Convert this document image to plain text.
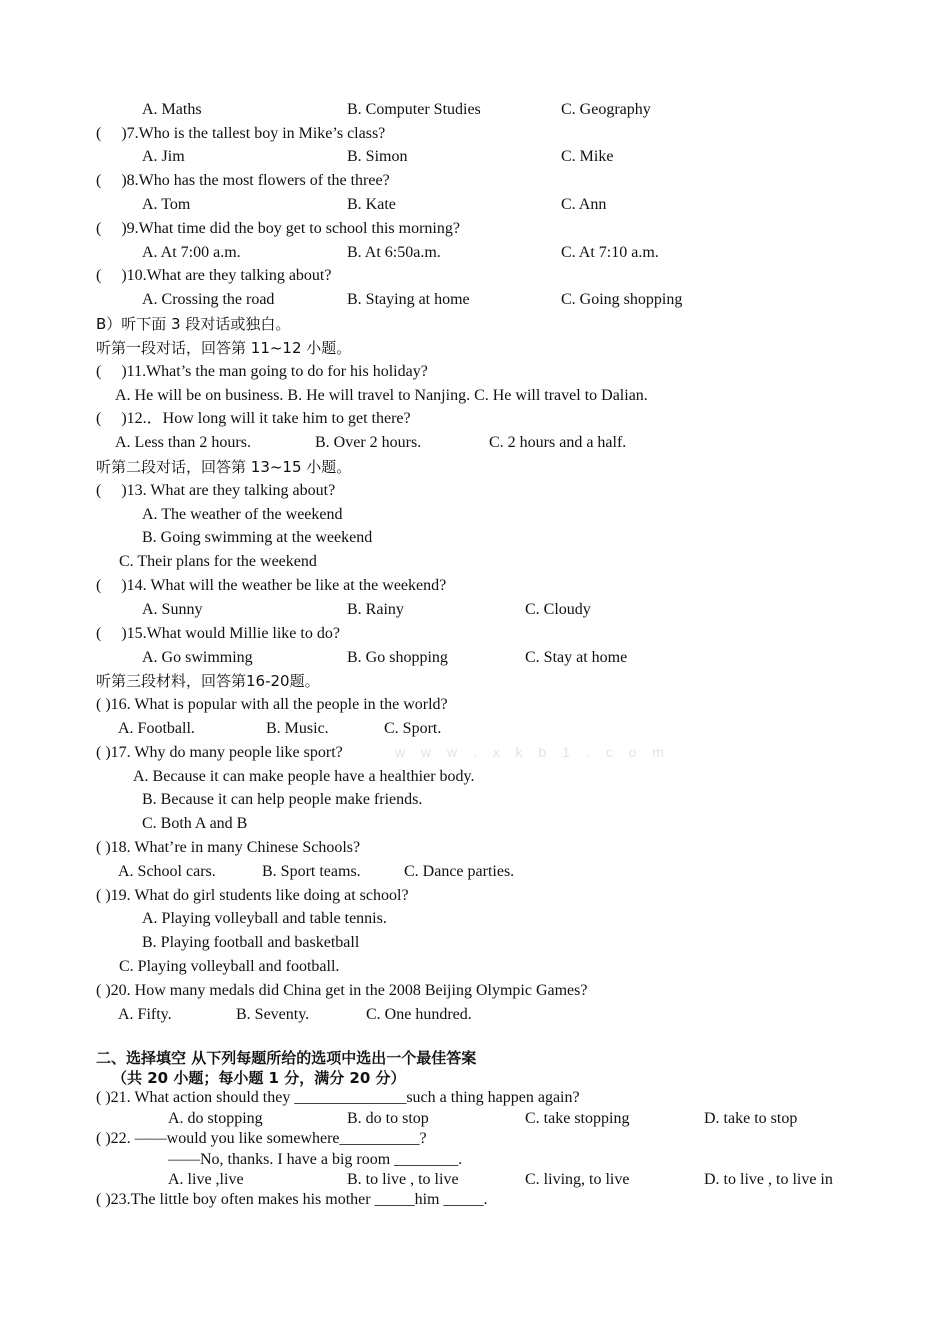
w w w . x k b 1 . c o m
A. Maths	B. Computer Studies	C. Geography
(　 )7.Who is the tallest boy in Mike’s class?
A. Jim	B. Simon	C. Mike
(　 )8.Who has the most flowers of the three?
A. Tom	B. Kate	C. Ann
(　 )9.What time did the boy get to school this morning?
A. At 7:00 a.m.	B. At 6:50a.m.	C. At 7:10 a.m.
(　 )10.What are they talking about?
A. Crossing the road	B. Staying at home	C. Going shopping
B）听下面 3 段对话或独白。
听第一段对话，回答第 11~12 小题。
(　 )11.What’s the man going to do for his holiday?
A. He will be on business. B. He will travel to Nanjing. C. He will travel to Dalian.
(　 )12.．How long will it take him to get there?
A. Less than 2 hours.	B. Over 2 hours.	C. 2 hours and a half.
听第二段对话，回答第 13~15 小题。
(　 )13. What are they talking about?
A. The weather of the weekend
B. Going swimming at the weekend
C. Their plans for the weekend
(　 )14. What will the weather be like at the weekend?
A. Sunny	B. Rainy	C. Cloudy
(　 )15.What would Millie like to do?
A. Go swimming	B. Go shopping	C. Stay at home
听第三段材料，回答第16-20题。
( )16. What is popular with all the people in the world?
A. Football.	B. Music.	C. Sport.
( )17. Why do many people like sport?
A. Because it can make people have a healthier body.
B. Because it can help people make friends.
C. Both A and B
( )18. What’re in many Chinese Schools?
A. School cars.	B. Sport teams.	C. Dance parties.
( )19. What do girl students like doing at school?
A. Playing volleyball and table tennis.
B. Playing football and basketball
C. Playing volleyball and football.
( )20. How many medals did China get in the 2008 Beijing Olympic Games?
A. Fifty.	B. Seventy.	C. One hundred.
二、选择填空 从下列每题所给的选项中选出一个最佳答案
（共 20 小题；每小题 1 分，满分 20 分）
( )21. What action should they ______________such a thing happen again?
A. do stopping	B. do to stop	C. take stopping	D. take to stop
( )22. ——would you like somewhere__________?
——No, thanks. I have a big room ________.
A. live ,live	B. to live , to live	C. living, to live	D. to live , to live in
( )23.The little boy often makes his mother _____him _____.
